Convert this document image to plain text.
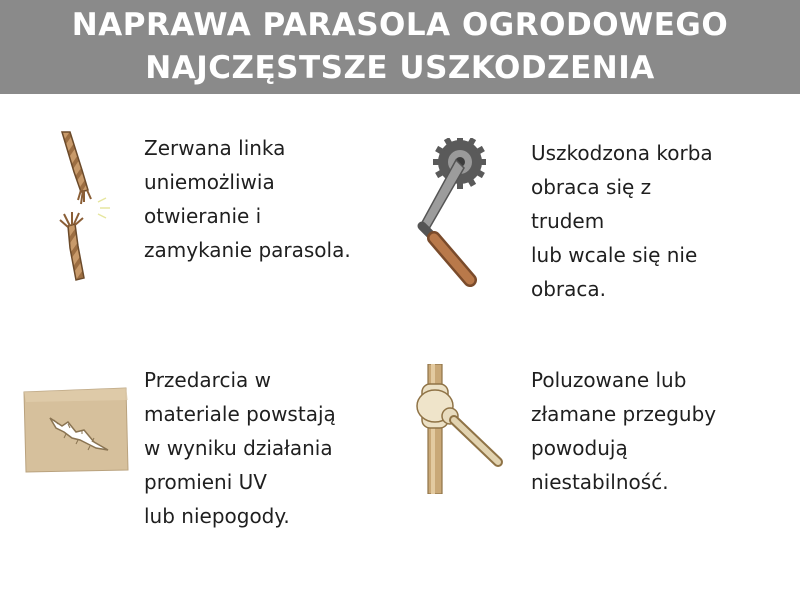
NAPRAWA PARASOLA OGRODOWEGO
NAJCZĘSTSZE USZKODZENIA
Zerwana linka
uniemożliwia
otwieranie i
zamykanie parasola.
Uszkodzona korba
obraca się z
trudem
lub wcale się nie
obraca.
Przedarcia w
materiale powstają
w wyniku działania
promieni UV
lub niepogody.
Poluzowane lub
złamane przeguby
powodują
niestabilność.
